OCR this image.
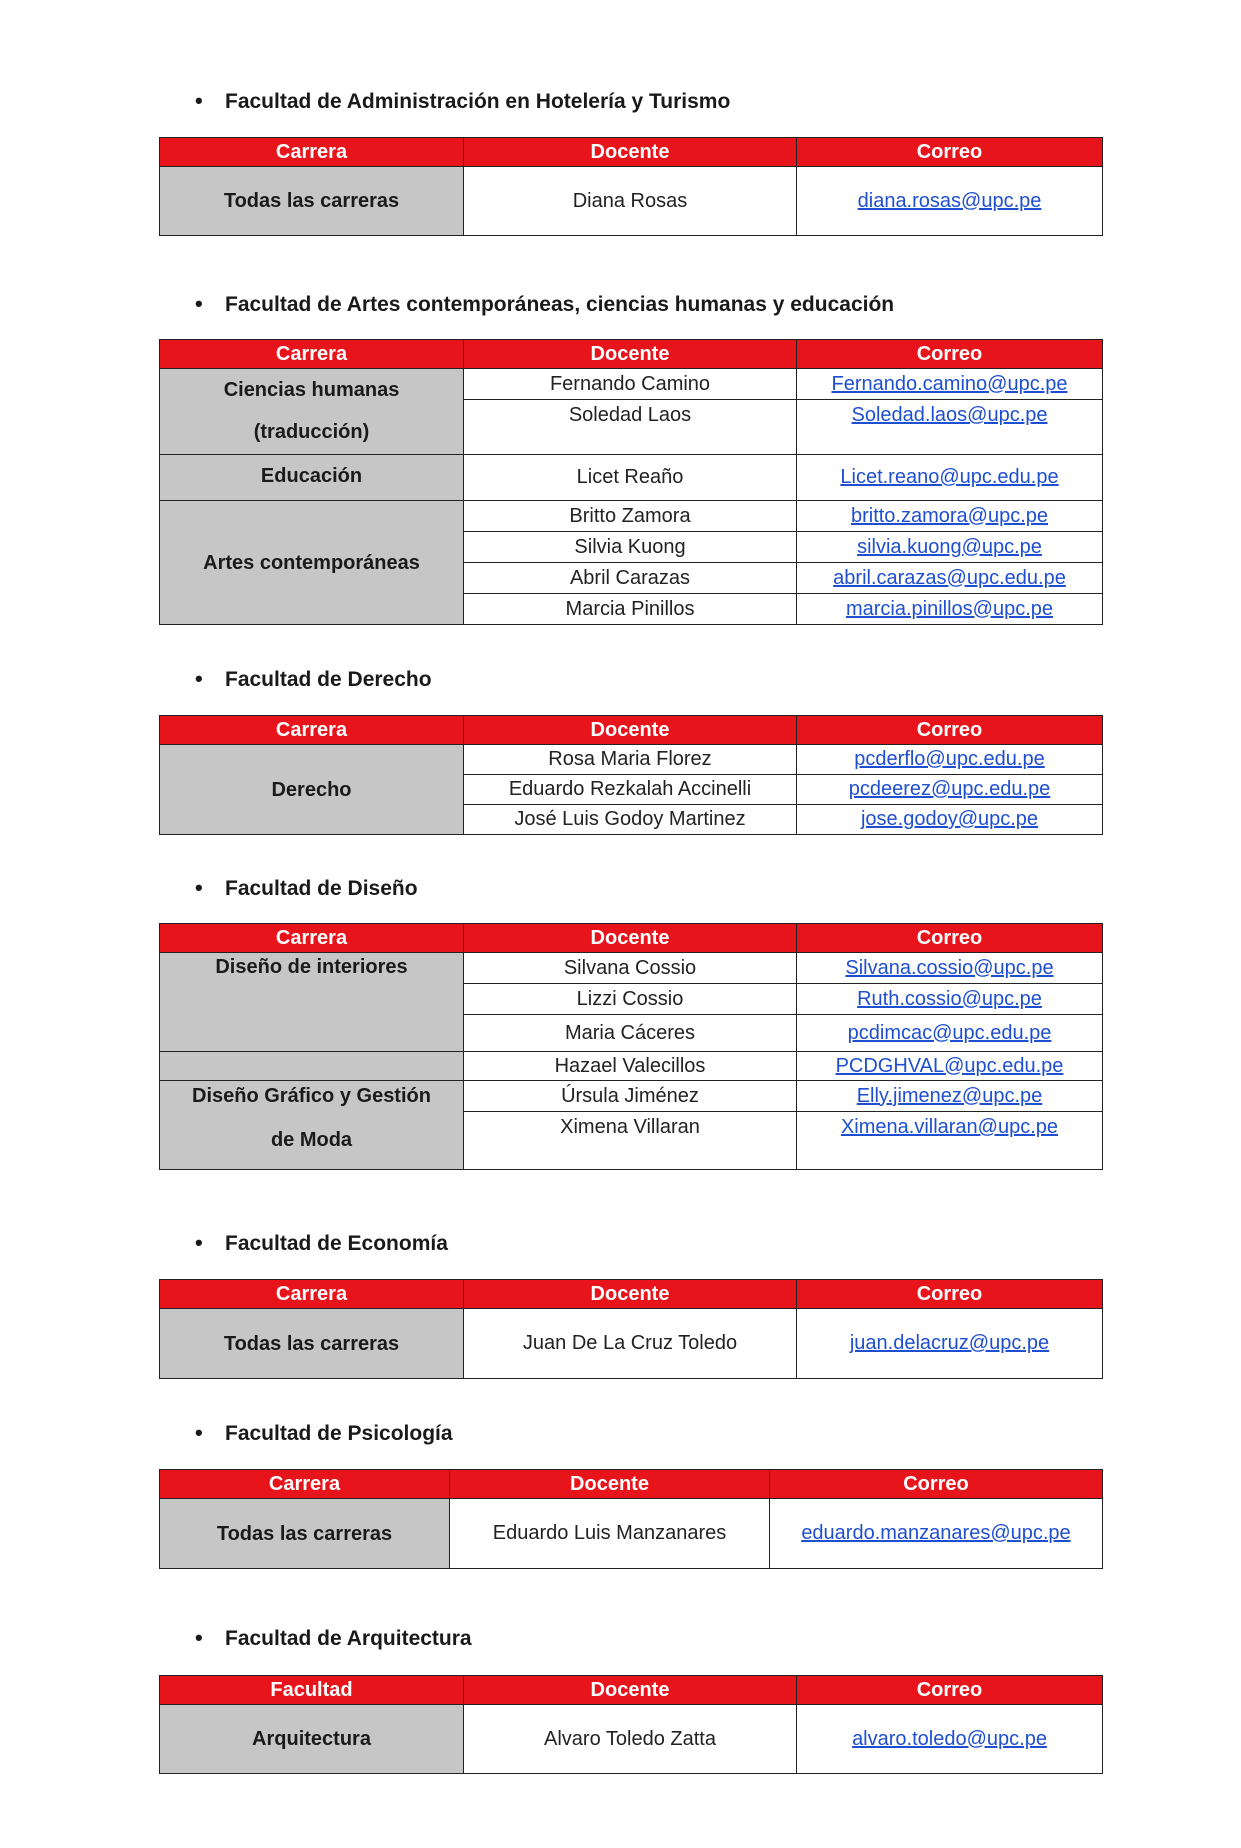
• Facultad de Administración en Hotelería y Turismo
Carrera	Docente	Correo
Todas las carreras	Diana Rosas	diana.rosas@upc.pe
• Facultad de Artes contemporáneas, ciencias humanas y educación
Carrera	Docente	Correo

Ciencias humanas
(traducción)	Fernando Camino	Fernando.camino@upc.pe
	Soledad Laos	Soledad.laos@upc.pe
Educación	Licet Reaño	Licet.reano@upc.edu.pe
Artes contemporáneas	Britto Zamora	britto.zamora@upc.pe
	Silvia Kuong	silvia.kuong@upc.pe
	Abril Carazas	abril.carazas@upc.edu.pe
	Marcia Pinillos	marcia.pinillos@upc.pe
• Facultad de Derecho
Carrera	Docente	Correo
Derecho	Rosa Maria Florez	pcderflo@upc.edu.pe
	Eduardo Rezkalah Accinelli	pcdeerez@upc.edu.pe
	José Luis Godoy Martinez	jose.godoy@upc.pe
• Facultad de Diseño
Carrera	Docente	Correo
Diseño de interiores	Silvana Cossio	Silvana.cossio@upc.pe
	Lizzi Cossio	Ruth.cossio@upc.pe
	Maria Cáceres	pcdimcac@upc.edu.pe
	Hazael Valecillos	PCDGHVAL@upc.edu.pe

Diseño Gráfico y Gestión
de Moda	Úrsula Jiménez	Elly.jimenez@upc.pe
	Ximena Villaran	Ximena.villaran@upc.pe
• Facultad de Economía
Carrera	Docente	Correo
Todas las carreras	Juan De La Cruz Toledo	juan.delacruz@upc.pe
• Facultad de Psicología
Carrera	Docente	Correo
Todas las carreras	Eduardo Luis Manzanares	eduardo.manzanares@upc.pe
• Facultad de Arquitectura
Facultad	Docente	Correo
Arquitectura	Alvaro Toledo Zatta	alvaro.toledo@upc.pe
